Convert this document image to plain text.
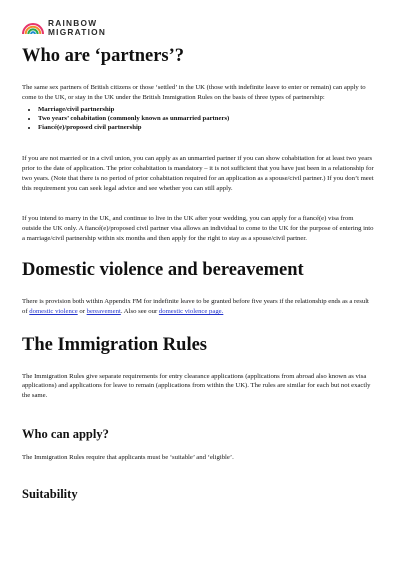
RAINBOW
MIGRATION
Who are ‘partners’?

The same sex partners of British citizens or those ‘settled’ in the UK (those with indefinite leave to enter or remain) can apply to come to the UK, or stay in the UK under the British Immigration Rules on the basis of three types of partnership:

• Marriage/civil partnership
• Two years’ cohabitation (commonly known as unmarried partners)
• Fiancé(e)/proposed civil partnership

If you are not married or in a civil union, you can apply as an unmarried partner if you can show cohabitation for at least two years prior to the date of application. The prior cohabitation is mandatory – it is not sufficient that you have just been in a relationship for two years. (Note that there is no period of prior cohabitation required for an application as a spouse/civil partner.) If you don’t meet this requirement you can seek legal advice and see whether you can still apply.

If you intend to marry in the UK, and continue to live in the UK after your wedding, you can apply for a fiancé(e) visa from outside the UK only. A fiancé(e)/proposed civil partner visa allows an individual to come to the UK for the purpose of entering into a marriage/civil partnership within six months and then apply for the right to stay as a spouse/civil partner.

Domestic violence and bereavement

There is provision both within Appendix FM for indefinite leave to be granted before five years if the relationship ends as a result of domestic violence or bereavement. Also see our domestic violence page.

The Immigration Rules

The Immigration Rules give separate requirements for entry clearance applications (applications from abroad also known as visa applications) and applications for leave to remain (applications from within the UK). The rules are similar for each but not exactly the same.

Who can apply?

The Immigration Rules require that applicants must be ‘suitable’ and ‘eligible’.

Suitability
